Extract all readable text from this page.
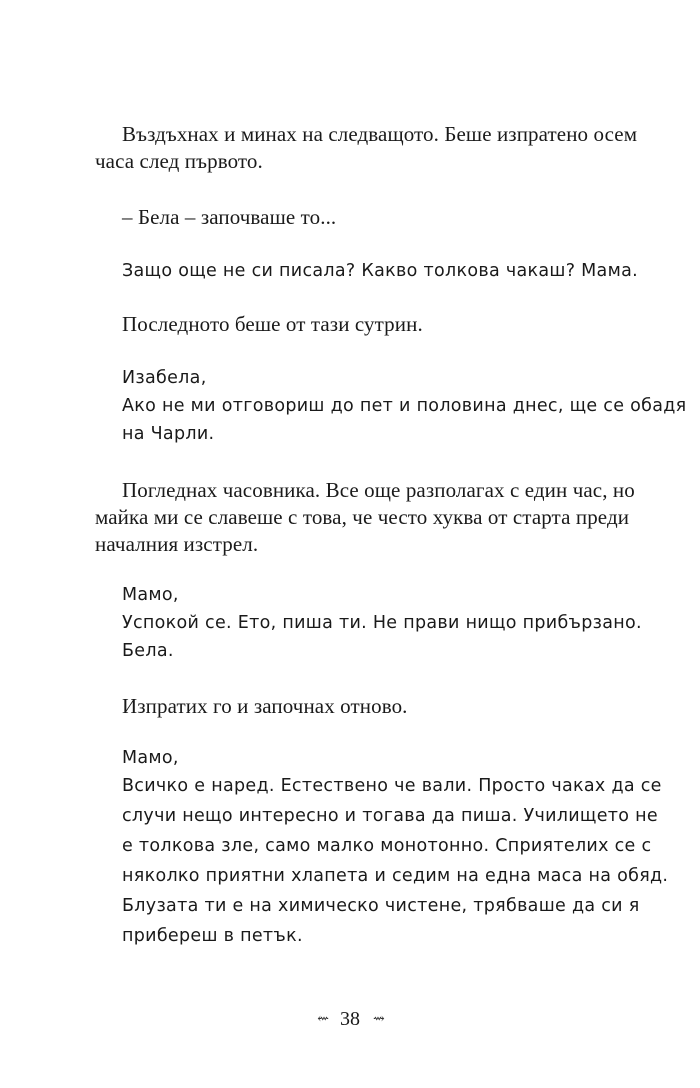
Въздъхнах и минах на следващото. Беше изпратено осем

часа след първото.

– Бела – започваше то...

Защо още не си писала? Какво толкова чакаш? Мама.

Последното беше от тази сутрин.

Изабела,

Ако не ми отговориш до пет и половина днес, ще се обадя

на Чарли.

Погледнах часовника. Все още разполагах с един час, но

майка ми се славеше с това, че често хуква от старта преди

началния изстрел.

Мамо,

Успокой се. Ето, пиша ти. Не прави нищо прибързано.

Бела.

Изпратих го и започнах отново.

Мамо,

Всичко е наред. Естествено че вали. Просто чаках да се

случи нещо интересно и тогава да пиша. Училището не

е толкова зле, само малко монотонно. Сприятелих се с

няколко приятни хлапета и седим на една маса на обяд.

Блузата ти е на химическо чистене, трябваше да си я

прибереш в петък.

⇜ 38 ⇝
